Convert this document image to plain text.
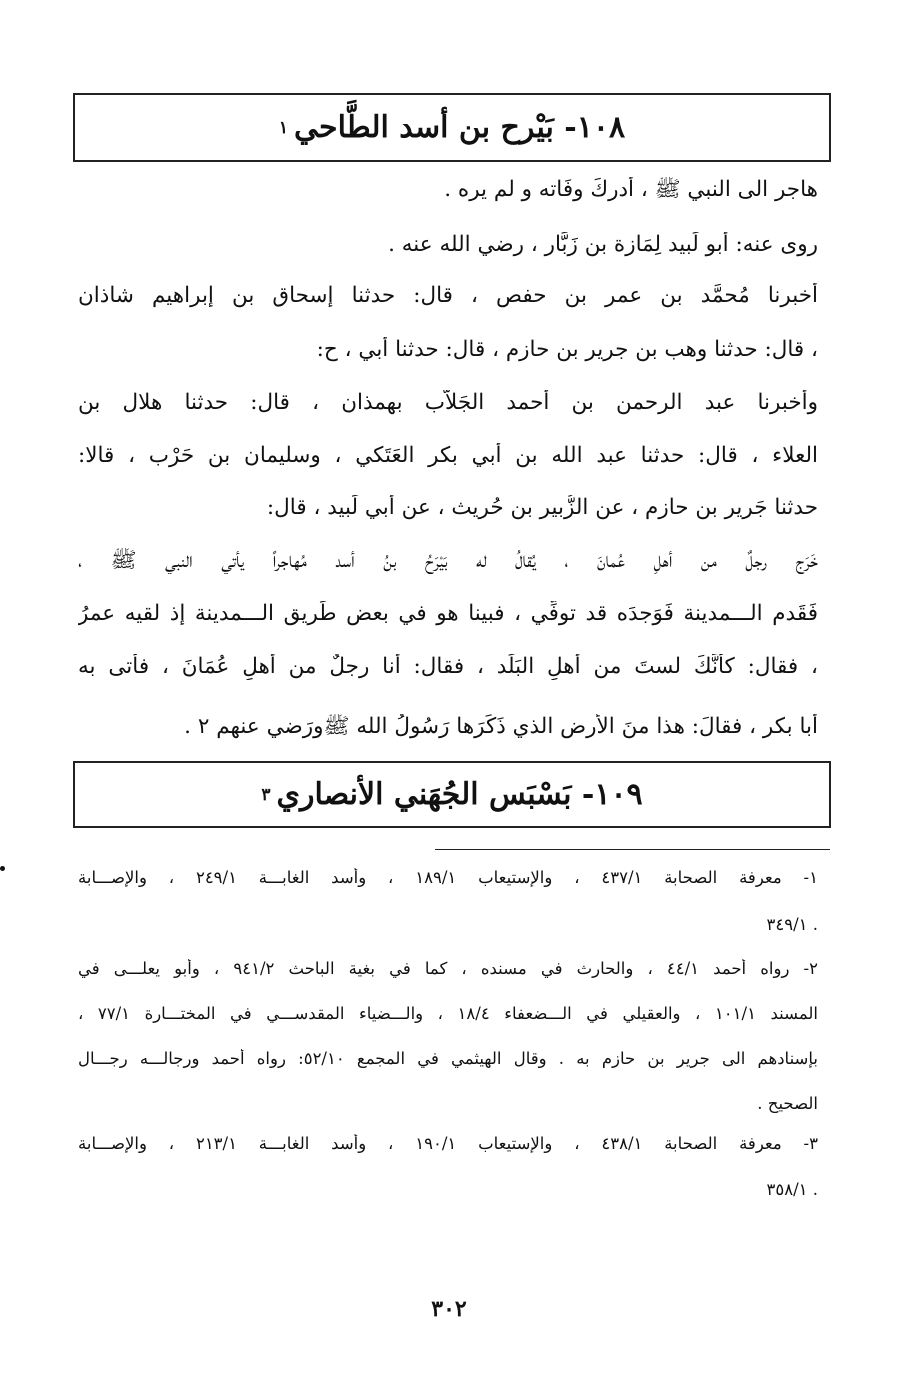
١٠٨- بَيْرح بن أسد الطَّاحي
١
هاجر الى النبي ﷺ ، أدركَ وفَاته و لم يره .
روى عنه: أبو لَبيد لِمَازة بن زَبَّار ، رضي الله عنه .
أخبرنا مُحمَّد بن عمر بن حفص ، قال: حدثنا إسحاق بن إبراهيم شاذان
، قال: حدثنا وهب بن جرير بن حازم ، قال: حدثنا أبي ، ح:
وأخبرنا عبد الرحمن بن أحمد الجَلاَّب بهمذان ، قال: حدثنا هلال بن
العلاء ، قال: حدثنا عبد الله بن أبي بكر العَتَكي ، وسليمان بن حَرْب ، قالا:
حدثنا جَرير بن حازم ، عن الزُّبير بن حُريث ، عن أبي لَبيد ، قال:
خَرَج رجلٌ من أهلِ عُمانَ ، يُقالُ له بَيْرَحُ بنُ أسد مُهاجراً يأتي النبي ﷺ ،
فَقَدم الـــمدينة فَوَجدَه قد توفِّي ، فبينا هو في بعض طَريق الـــمدينة إذ لقيه عمرُ
، فقال: كأنَّكَ لستَ من أهلِ البَلَد ، فقال: أنا رجلٌ من أهلِ عُمَانَ ، فأتى به
أبا بكر ، فقالَ: هذا منَ الأرضِ الذي ذَكَرَها رَسُولُ الله ﷺورَضي عنهم ٢ .
١٠٩- بَسْبَس الجُهَني الأنصاري
٣
١- معرفة الصحابة ٤٣٧/١ ، والإستيعاب ١٨٩/١ ، وأُسد الغابـــة ٢٤٩/١ ، والإصـــابة
. ٣٤٩/١
٢- رواه أحمد ٤٤/١ ، والحارث في مسنده ، كما في بغية الباحث ٩٤١/٢ ، وأبو يعلـــى في
المسند ١٠١/١ ، والعقيلي في الـــضعفاء ١٨/٤ ، والـــضياء المقدســـي في المختـــارة ٧٧/١ ،
بإسنادهم الى جرير بن حازم به . وقال الهيثمي في المجمع ٥٢/١٠: رواه أحمد ورجالـــه رجـــال
الصحيح .
٣- معرفة الصحابة ٤٣٨/١ ، والإستيعاب ١٩٠/١ ، وأُسد الغابـــة ٢١٣/١ ، والإصـــابة
. ٣٥٨/١
٣٠٢
